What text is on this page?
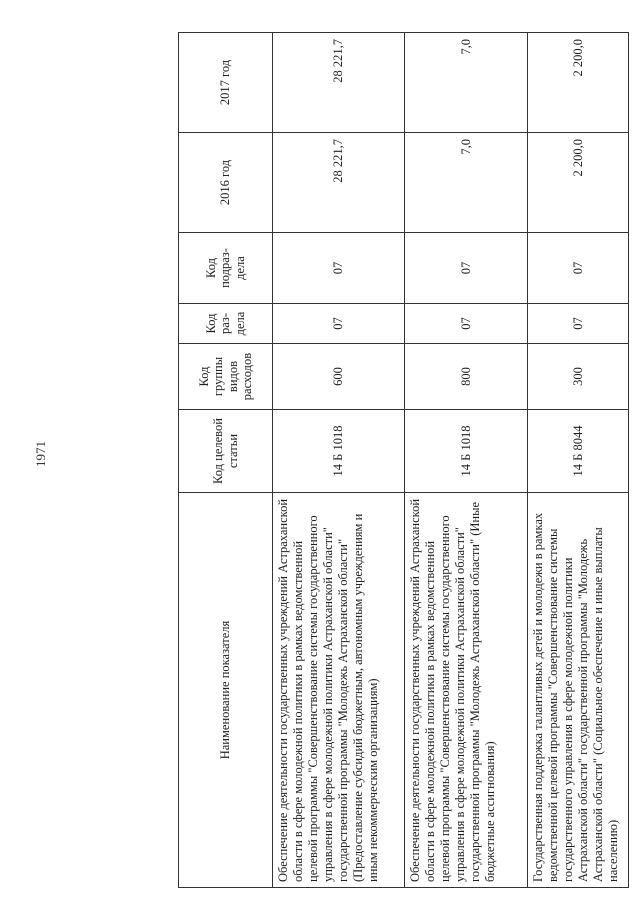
1971
Наименование показателя	Код целевой статьи	Код группы видов расходов	Код раз-дела	Код подраз-дела	2016 год	2017 год
Обеспечение деятельности государственных учреждений Астраханской области в сфере молодежной политики в рамках ведомственной целевой программы "Совершенствование системы государственного управления в сфере молодежной политики Астраханской области" государственной программы "Молодежь Астраханской области" (Предоставление субсидий бюджетным, автономным учреждениям и иным некоммерческим организациям)	14 Б 1018	600	07	07	28 221,7	28 221,7
Обеспечение деятельности государственных учреждений Астраханской области в сфере молодежной политики в рамках ведомственной целевой программы "Совершенствование системы государственного управления в сфере молодежной политики Астраханской области" государственной программы "Молодежь Астраханской области" (Иные бюджетные ассигнования)	14 Б 1018	800	07	07	7,0	7,0
Государственная поддержка талантливых детей и молодежи в рамках ведомственной целевой программы "Совершенствование системы государственного управления в сфере молодежной политики Астраханской области" государственной программы "Молодежь Астраханской области" (Социальное обеспечение и иные выплаты населению)	14 Б 8044	300	07	07	2 200,0	2 200,0
